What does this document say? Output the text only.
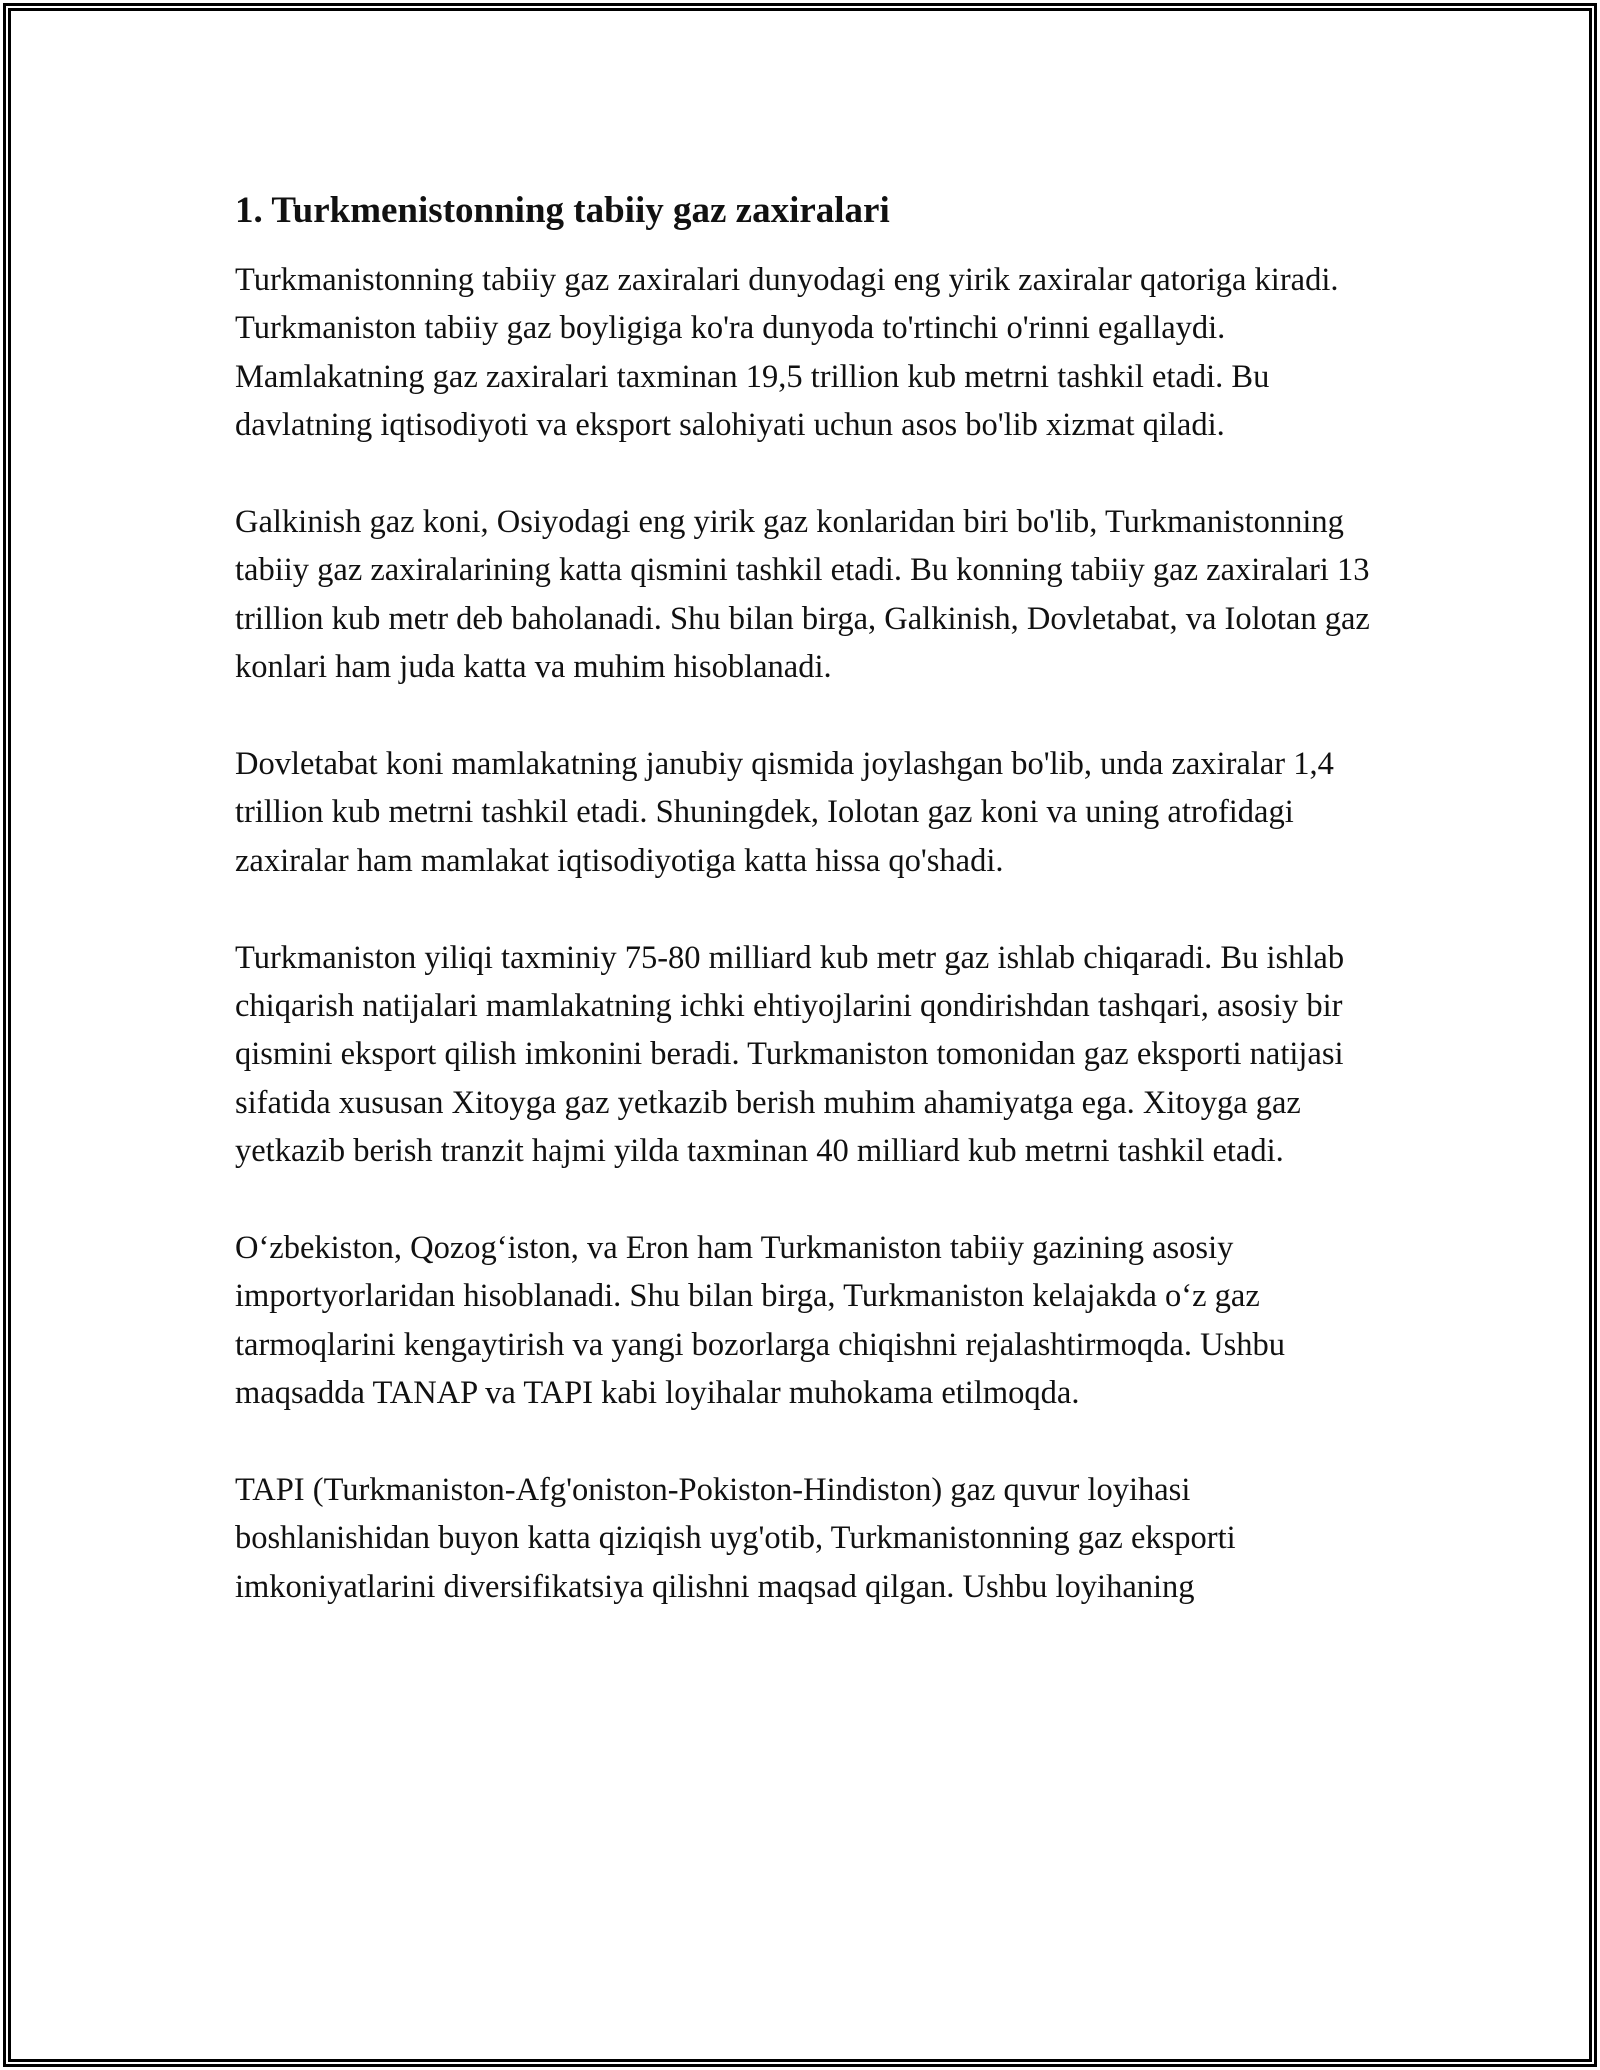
1. Turkmenistonning tabiiy gaz zaxiralari

Turkmanistonning tabiiy gaz zaxiralari dunyodagi eng yirik zaxiralar qatoriga kiradi. Turkmaniston tabiiy gaz boyligiga ko'ra dunyoda to'rtinchi o'rinni egallaydi. Mamlakatning gaz zaxiralari taxminan 19,5 trillion kub metrni tashkil etadi. Bu davlatning iqtisodiyoti va eksport salohiyati uchun asos bo'lib xizmat qiladi.

Galkinish gaz koni, Osiyodagi eng yirik gaz konlaridan biri bo'lib, Turkmanistonning tabiiy gaz zaxiralarining katta qismini tashkil etadi. Bu konning tabiiy gaz zaxiralari 13 trillion kub metr deb baholanadi. Shu bilan birga, Galkinish, Dovletabat, va Iolotan gaz konlari ham juda katta va muhim hisoblanadi.

Dovletabat koni mamlakatning janubiy qismida joylashgan bo'lib, unda zaxiralar 1,4 trillion kub metrni tashkil etadi. Shuningdek, Iolotan gaz koni va uning atrofidagi zaxiralar ham mamlakat iqtisodiyotiga katta hissa qo'shadi.

Turkmaniston yiliqi taxminiy 75-80 milliard kub metr gaz ishlab chiqaradi. Bu ishlab chiqarish natijalari mamlakatning ichki ehtiyojlarini qondirishdan tashqari, asosiy bir qismini eksport qilish imkonini beradi. Turkmaniston tomonidan gaz eksporti natijasi sifatida xususan Xitoyga gaz yetkazib berish muhim ahamiyatga ega. Xitoyga gaz yetkazib berish tranzit hajmi yilda taxminan 40 milliard kub metrni tashkil etadi.

O‘zbekiston, Qozog‘iston, va Eron ham Turkmaniston tabiiy gazining asosiy importyorlaridan hisoblanadi. Shu bilan birga, Turkmaniston kelajakda o‘z gaz tarmoqlarini kengaytirish va yangi bozorlarga chiqishni rejalashtirmoqda. Ushbu maqsadda TANAP va TAPI kabi loyihalar muhokama etilmoqda.

TAPI (Turkmaniston-Afg'oniston-Pokiston-Hindiston) gaz quvur loyihasi boshlanishidan buyon katta qiziqish uyg'otib, Turkmanistonning gaz eksporti imkoniyatlarini diversifikatsiya qilishni maqsad qilgan. Ushbu loyihaning
